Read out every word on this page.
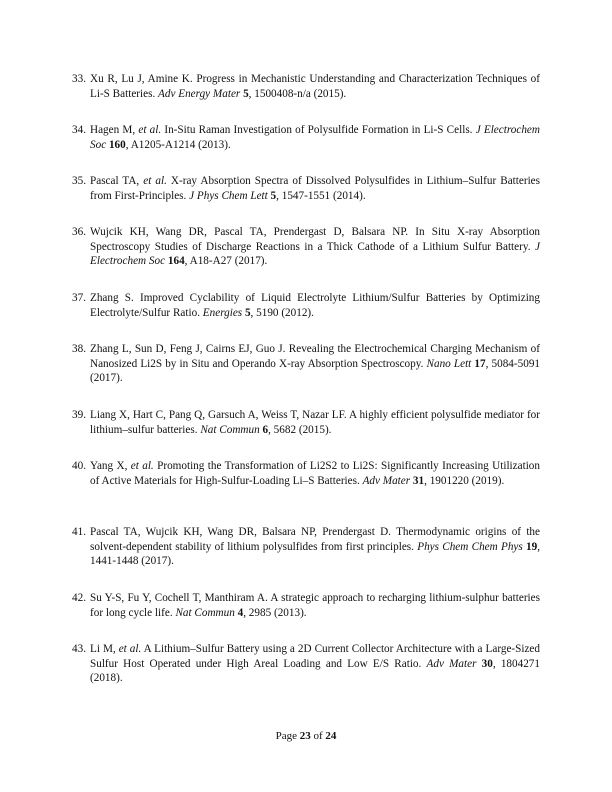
33. Xu R, Lu J, Amine K. Progress in Mechanistic Understanding and Characterization Techniques of Li-S Batteries. Adv Energy Mater 5, 1500408-n/a (2015).
34. Hagen M, et al. In-Situ Raman Investigation of Polysulfide Formation in Li-S Cells. J Electrochem Soc 160, A1205-A1214 (2013).
35. Pascal TA, et al. X-ray Absorption Spectra of Dissolved Polysulfides in Lithium–Sulfur Batteries from First-Principles. J Phys Chem Lett 5, 1547-1551 (2014).
36. Wujcik KH, Wang DR, Pascal TA, Prendergast D, Balsara NP. In Situ X-ray Absorption Spectroscopy Studies of Discharge Reactions in a Thick Cathode of a Lithium Sulfur Battery. J Electrochem Soc 164, A18-A27 (2017).
37. Zhang S. Improved Cyclability of Liquid Electrolyte Lithium/Sulfur Batteries by Optimizing Electrolyte/Sulfur Ratio. Energies 5, 5190 (2012).
38. Zhang L, Sun D, Feng J, Cairns EJ, Guo J. Revealing the Electrochemical Charging Mechanism of Nanosized Li2S by in Situ and Operando X-ray Absorption Spectroscopy. Nano Lett 17, 5084-5091 (2017).
39. Liang X, Hart C, Pang Q, Garsuch A, Weiss T, Nazar LF. A highly efficient polysulfide mediator for lithium–sulfur batteries. Nat Commun 6, 5682 (2015).
40. Yang X, et al. Promoting the Transformation of Li2S2 to Li2S: Significantly Increasing Utilization of Active Materials for High-Sulfur-Loading Li–S Batteries. Adv Mater 31, 1901220 (2019).
41. Pascal TA, Wujcik KH, Wang DR, Balsara NP, Prendergast D. Thermodynamic origins of the solvent-dependent stability of lithium polysulfides from first principles. Phys Chem Chem Phys 19, 1441-1448 (2017).
42. Su Y-S, Fu Y, Cochell T, Manthiram A. A strategic approach to recharging lithium-sulphur batteries for long cycle life. Nat Commun 4, 2985 (2013).
43. Li M, et al. A Lithium–Sulfur Battery using a 2D Current Collector Architecture with a Large-Sized Sulfur Host Operated under High Areal Loading and Low E/S Ratio. Adv Mater 30, 1804271 (2018).
Page 23 of 24
